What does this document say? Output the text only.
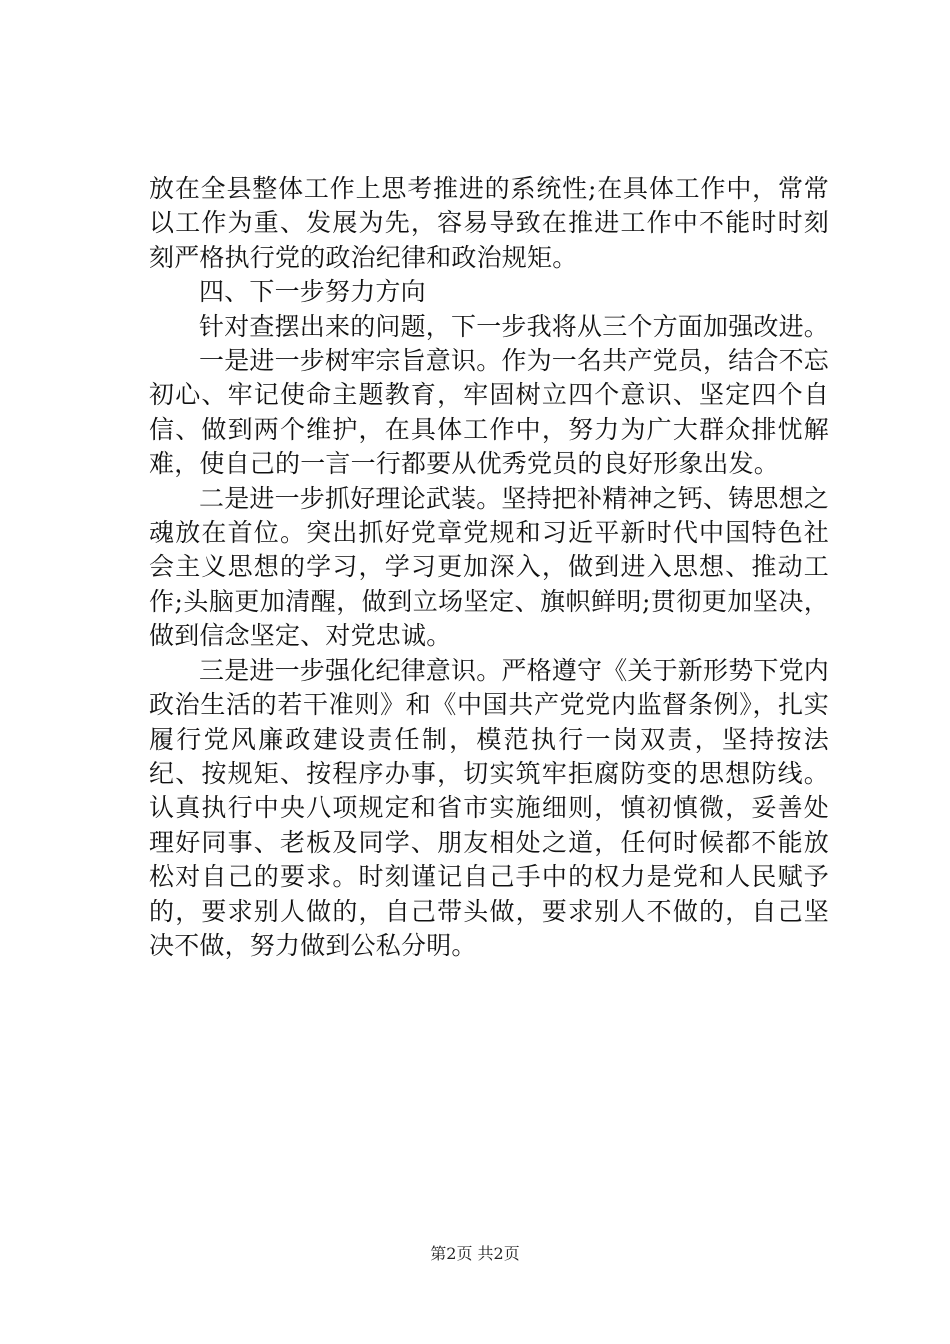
放在全县整体工作上思考推进的系统性;在具体工作中，常常以工作为重、发展为先，容易导致在推进工作中不能时时刻刻严格执行党的政治纪律和政治规矩。

四、下一步努力方向

针对查摆出来的问题，下一步我将从三个方面加强改进。

一是进一步树牢宗旨意识。作为一名共产党员，结合不忘初心、牢记使命主题教育，牢固树立四个意识、坚定四个自信、做到两个维护，在具体工作中，努力为广大群众排忧解难，使自己的一言一行都要从优秀党员的良好形象出发。

二是进一步抓好理论武装。坚持把补精神之钙、铸思想之魂放在首位。突出抓好党章党规和习近平新时代中国特色社会主义思想的学习，学习更加深入，做到进入思想、推动工作;头脑更加清醒，做到立场坚定、旗帜鲜明;贯彻更加坚决，做到信念坚定、对党忠诚。

三是进一步强化纪律意识。严格遵守《关于新形势下党内政治生活的若干准则》和《中国共产党党内监督条例》，扎实履行党风廉政建设责任制，模范执行一岗双责，坚持按法纪、按规矩、按程序办事，切实筑牢拒腐防变的思想防线。认真执行中央八项规定和省市实施细则，慎初慎微，妥善处理好同事、老板及同学、朋友相处之道，任何时候都不能放松对自己的要求。时刻谨记自己手中的权力是党和人民赋予的，要求别人做的，自己带头做，要求别人不做的，自己坚决不做，努力做到公私分明。

第2页 共2页
